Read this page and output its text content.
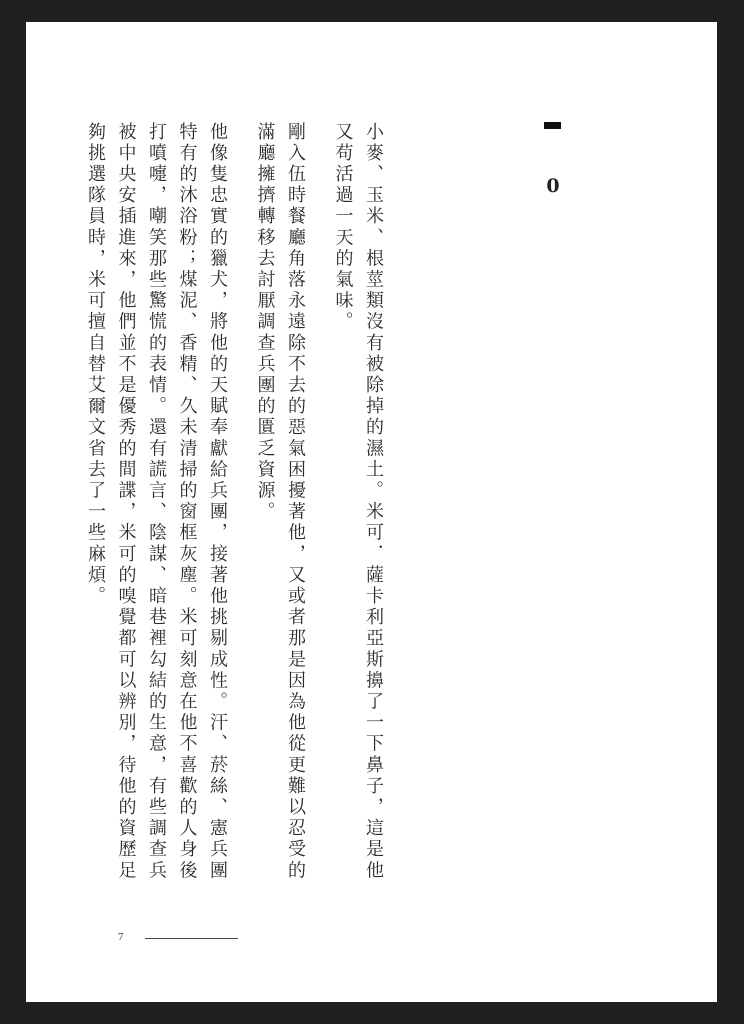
0

小麥、玉米、根莖類沒有被除掉的濕土。米可．薩卡利亞斯擤了一下鼻子，這是他又苟活過一天的氣味。

剛入伍時餐廳角落永遠除不去的惡氣困擾著他，又或者那是因為他從更難以忍受的滿廳擁擠轉移去討厭調查兵團的匱乏資源。

他像隻忠實的獵犬，將他的天賦奉獻給兵團，接著他挑剔成性。汗、菸絲、憲兵團特有的沐浴粉；煤泥、香精、久未清掃的窗框灰塵。米可刻意在他不喜歡的人身後打噴嚏，嘲笑那些驚慌的表情。還有謊言、陰謀、暗巷裡勾結的生意，有些調查兵被中央安插進來，他們並不是優秀的間諜，米可的嗅覺都可以辨別，待他的資歷足夠挑選隊員時，米可擅自替艾爾文省去了一些麻煩。

7
